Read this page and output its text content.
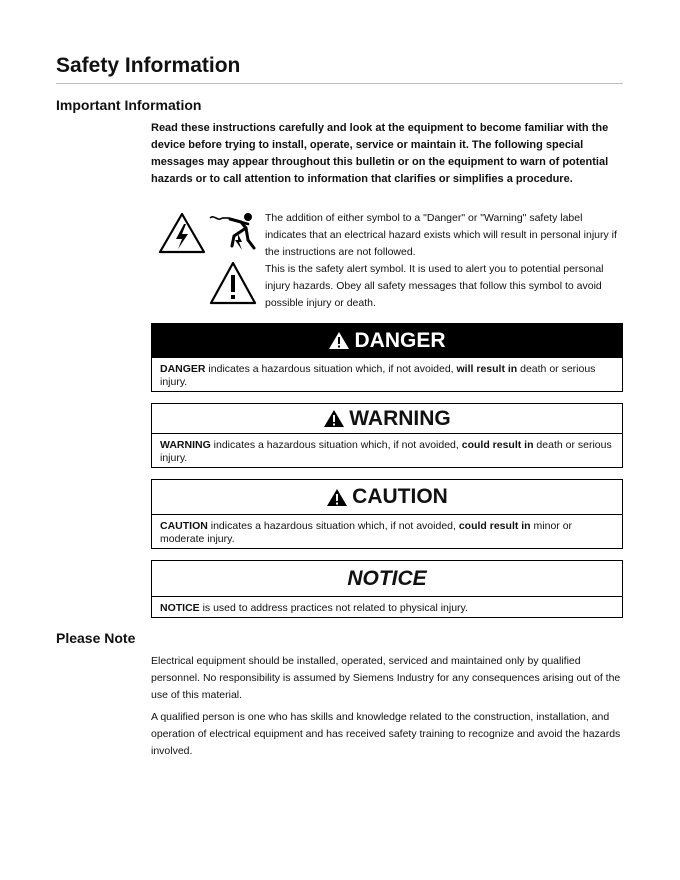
Safety Information
Important Information

Read these instructions carefully and look at the equipment to become familiar with the device before trying to install, operate, service or maintain it. The following special messages may appear throughout this bulletin or on the equipment to warn of potential hazards or to call attention to information that clarifies or simplifies a procedure.

The addition of either symbol to a "Danger" or "Warning" safety label indicates that an electrical hazard exists which will result in personal injury if the instructions are not followed.

This is the safety alert symbol. It is used to alert you to potential personal injury hazards. Obey all safety messages that follow this symbol to avoid possible injury or death.

DANGER
DANGER indicates a hazardous situation which, if not avoided, will result in death or serious injury.
WARNING
WARNING indicates a hazardous situation which, if not avoided, could result in death or serious injury.
CAUTION
CAUTION indicates a hazardous situation which, if not avoided, could result in minor or moderate injury.
NOTICE
NOTICE is used to address practices not related to physical injury.
Please Note

Electrical equipment should be installed, operated, serviced and maintained only by qualified personnel. No responsibility is assumed by Siemens Industry for any consequences arising out of the use of this material.

A qualified person is one who has skills and knowledge related to the construction, installation, and operation of electrical equipment and has received safety training to recognize and avoid the hazards involved.
